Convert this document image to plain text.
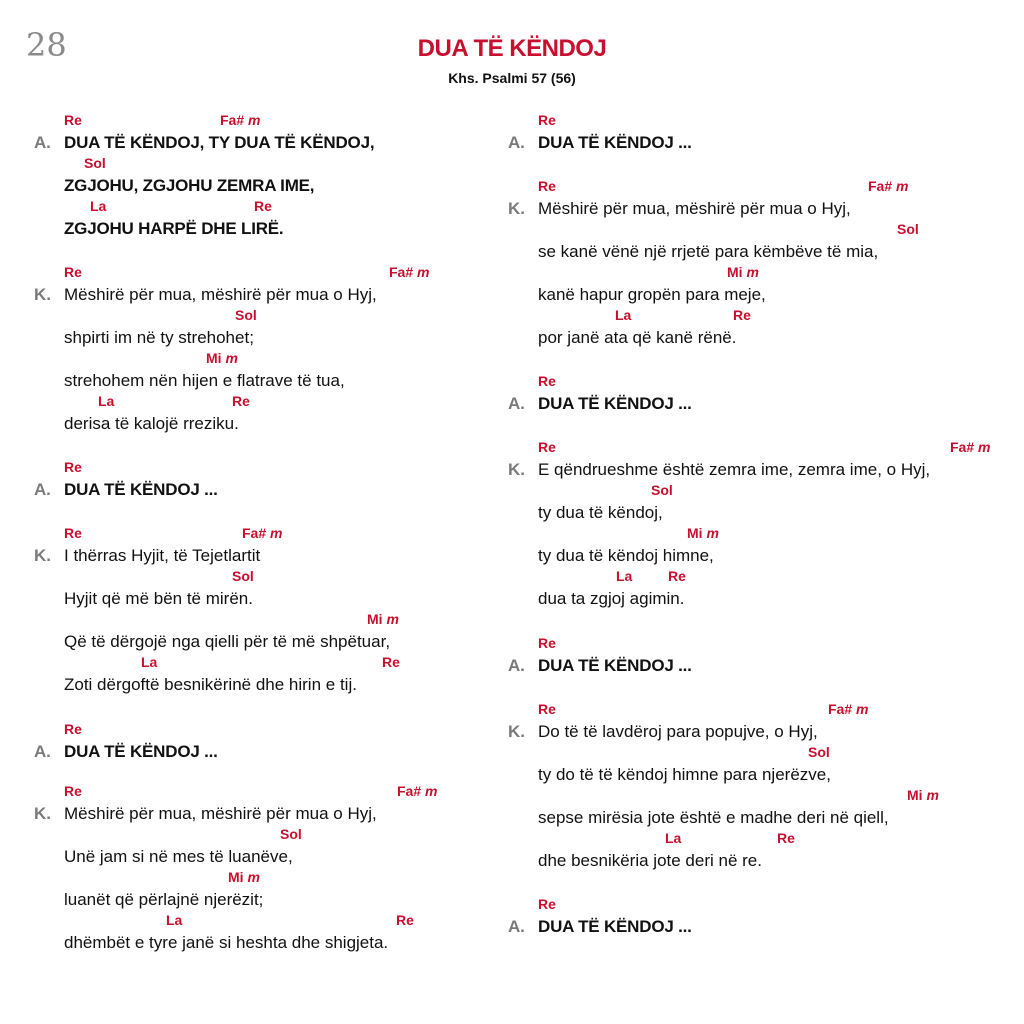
28	DUA TË KËNDOJ
Khs. Psalmi 57 (56)
Re	Fa# m
A. DUA TË KËNDOJ, TY DUA TË KËNDOJ,
Sol
ZGJOHU, ZGJOHU ZEMRA IME,
La	Re
ZGJOHU HARPË DHE LIRË.
Re	Fa# m
K. Mëshirë për mua, mëshirë për mua o Hyj,
Sol
shpirti im në ty strehohet;
Mi m
strehohem nën hijen e flatrave të tua,
La	Re
derisa të kalojë rreziku.
Re
A. DUA TË KËNDOJ ...
Re	Fa# m
K. I thërras Hyjit, të Tejetlartit
Sol
Hyjit që më bën të mirën.
Mi m
Që të dërgojë nga qielli për të më shpëtuar,
La	Re
Zoti dërgoftë besnikërinë dhe hirin e tij.
Re
A. DUA TË KËNDOJ ...
Re	Fa# m
K. Mëshirë për mua, mëshirë për mua o Hyj,
Sol
Unë jam si në mes të luanëve,
Mi m
luanët që përlajnë njerëzit;
La	Re
dhëmbët e tyre janë si heshta dhe shigjeta.
Re
A. DUA TË KËNDOJ ...
Re	Fa# m
K. Mëshirë për mua, mëshirë për mua o Hyj,
Sol
se kanë vënë një rrjetë para këmbëve të mia,
Mi m
kanë hapur gropën para meje,
La	Re
por janë ata që kanë rënë.
Re
A. DUA TË KËNDOJ ...
Re	Fa# m
K. E qëndrueshme është zemra ime, zemra ime, o Hyj,
Sol
ty dua të këndoj,
Mi m
ty dua të këndoj himne,
La	Re
dua ta zgjoj agimin.
Re
A. DUA TË KËNDOJ ...
Re	Fa# m
K. Do të të lavdëroj para popujve, o Hyj,
Sol
ty do të të këndoj himne para njerëzve,
Mi m
sepse mirësia jote është e madhe deri në qiell,
La	Re
dhe besnikëria jote deri në re.
Re
A. DUA TË KËNDOJ ...
